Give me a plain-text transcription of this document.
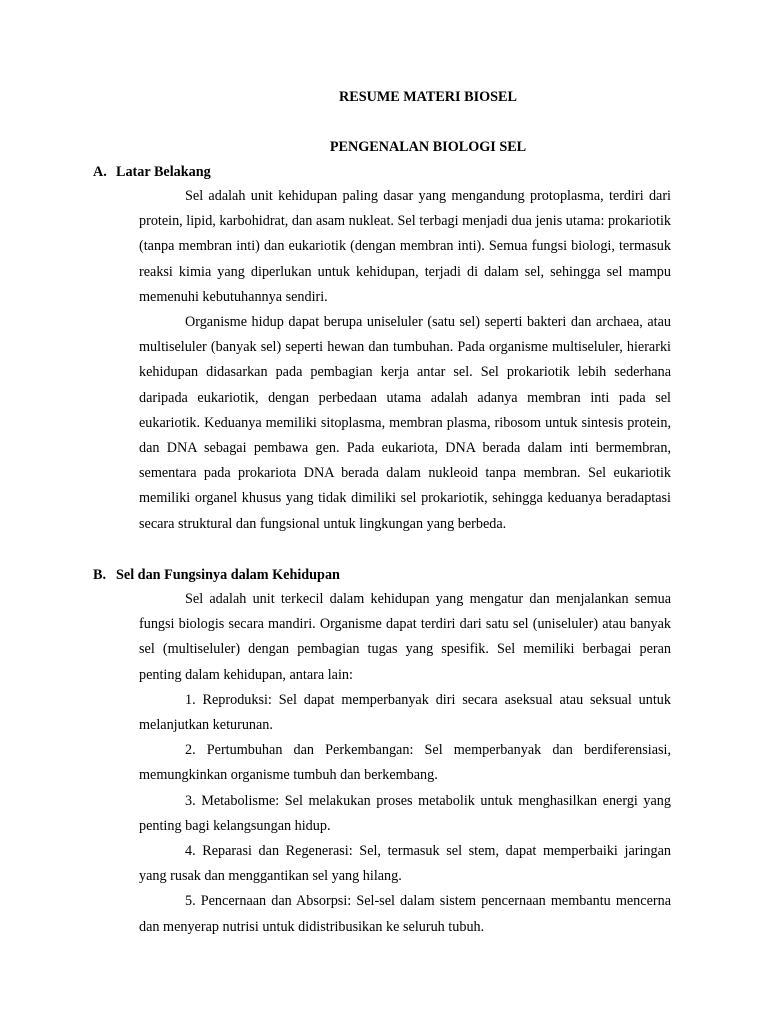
RESUME MATERI BIOSEL
PENGENALAN BIOLOGI SEL
A. Latar Belakang

Sel adalah unit kehidupan paling dasar yang mengandung protoplasma, terdiri dari protein, lipid, karbohidrat, dan asam nukleat. Sel terbagi menjadi dua jenis utama: prokariotik (tanpa membran inti) dan eukariotik (dengan membran inti). Semua fungsi biologi, termasuk reaksi kimia yang diperlukan untuk kehidupan, terjadi di dalam sel, sehingga sel mampu memenuhi kebutuhannya sendiri.

Organisme hidup dapat berupa uniseluler (satu sel) seperti bakteri dan archaea, atau multiseluler (banyak sel) seperti hewan dan tumbuhan. Pada organisme multiseluler, hierarki kehidupan didasarkan pada pembagian kerja antar sel. Sel prokariotik lebih sederhana daripada eukariotik, dengan perbedaan utama adalah adanya membran inti pada sel eukariotik. Keduanya memiliki sitoplasma, membran plasma, ribosom untuk sintesis protein, dan DNA sebagai pembawa gen. Pada eukariota, DNA berada dalam inti bermembran, sementara pada prokariota DNA berada dalam nukleoid tanpa membran. Sel eukariotik memiliki organel khusus yang tidak dimiliki sel prokariotik, sehingga keduanya beradaptasi secara struktural dan fungsional untuk lingkungan yang berbeda.

B. Sel dan Fungsinya dalam Kehidupan

Sel adalah unit terkecil dalam kehidupan yang mengatur dan menjalankan semua fungsi biologis secara mandiri. Organisme dapat terdiri dari satu sel (uniseluler) atau banyak sel (multiseluler) dengan pembagian tugas yang spesifik. Sel memiliki berbagai peran penting dalam kehidupan, antara lain:

1. Reproduksi: Sel dapat memperbanyak diri secara aseksual atau seksual untuk melanjutkan keturunan.

2. Pertumbuhan dan Perkembangan: Sel memperbanyak dan berdiferensiasi, memungkinkan organisme tumbuh dan berkembang.

3. Metabolisme: Sel melakukan proses metabolik untuk menghasilkan energi yang penting bagi kelangsungan hidup.

4. Reparasi dan Regenerasi: Sel, termasuk sel stem, dapat memperbaiki jaringan yang rusak dan menggantikan sel yang hilang.

5. Pencernaan dan Absorpsi: Sel-sel dalam sistem pencernaan membantu mencerna dan menyerap nutrisi untuk didistribusikan ke seluruh tubuh.
